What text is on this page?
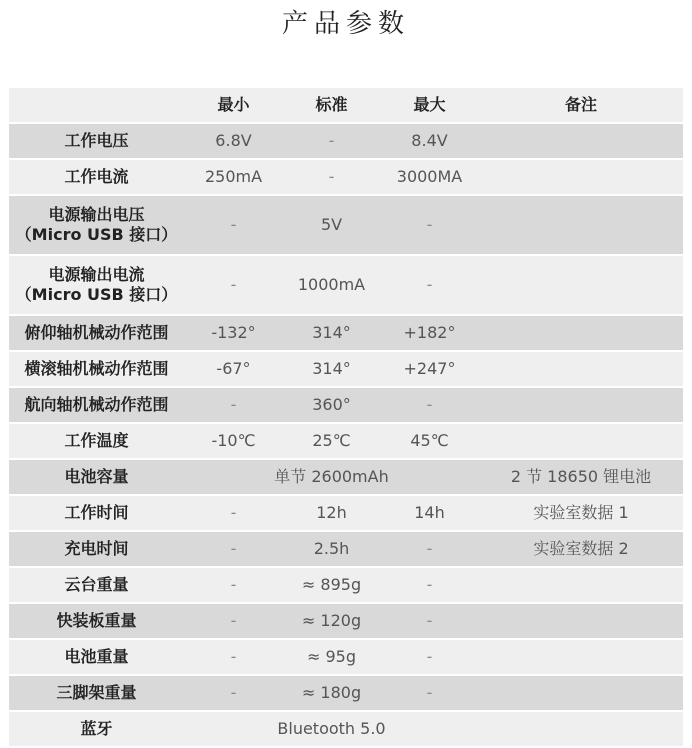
产品参数
	最小	标准	最大	备注
工作电压	6.8V	-	8.4V	
工作电流	250mA	-	3000MA	

电源输出电压
（Micro USB 接口）	-	5V	-	

电源输出电流
（Micro USB 接口）	-	1000mA	-	
俯仰轴机械动作范围	-132°	314°	+182°	
横滚轴机械动作范围	-67°	314°	+247°	
航向轴机械动作范围	-	360°	-	
工作温度	-10℃	25℃	45℃	
电池容量	单节 2600mAh			2 节 18650 锂电池
工作时间	-	12h	14h	实验室数据 1
充电时间	-	2.5h	-	实验室数据 2
云台重量	-	≈ 895g	-	
快装板重量	-	≈ 120g	-	
电池重量	-	≈ 95g	-	
三脚架重量	-	≈ 180g	-	
蓝牙	Bluetooth 5.0			
